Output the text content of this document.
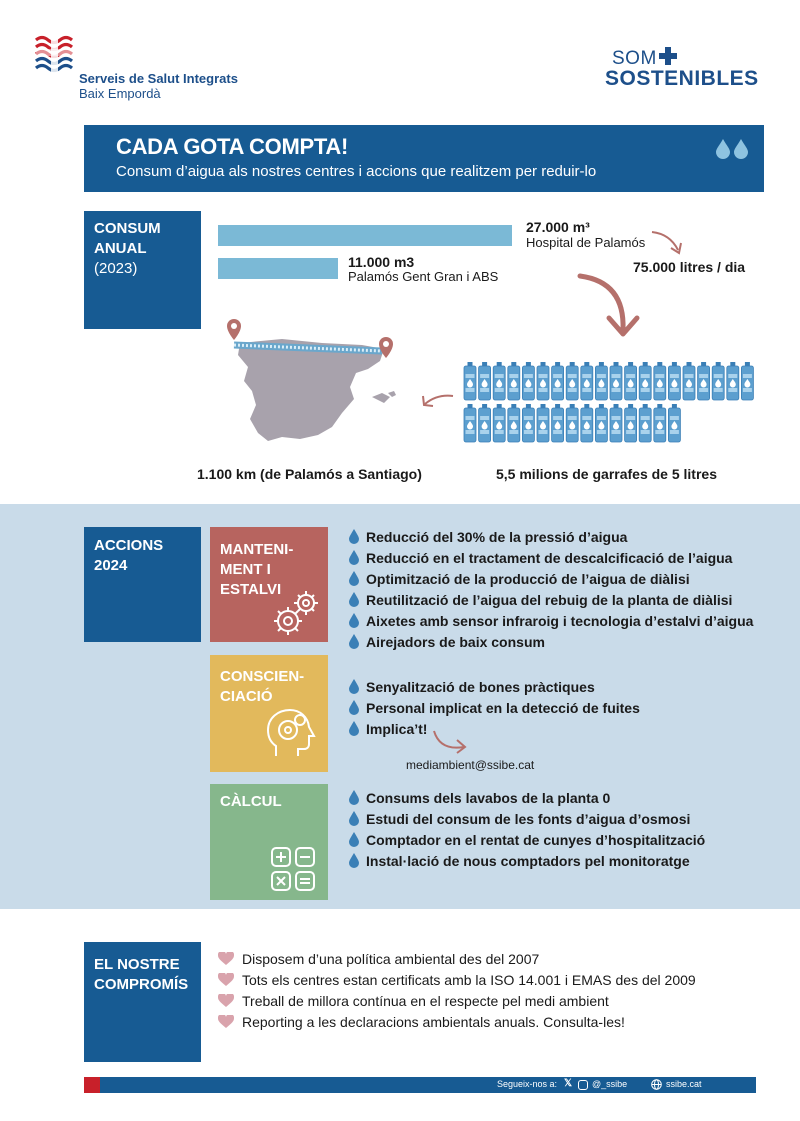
Serveis de Salut Integrats
Baix Empordà
SOM
SOSTENIBLES
CADA GOTA COMPTA!
Consum d’aigua als nostres centres i accions que realitzem per reduir-lo
CONSUM ANUAL
(2023)
27.000 m³
Hospital de Palamós
11.000 m3
Palamós Gent Gran i ABS
75.000 litres / dia
1.100 km (de Palamós a Santiago)	5,5 milions de garrafes de 5 litres
ACCIONS 2024
MANTENI-MENT I ESTALVI
CONSCIEN-CIACIÓ
CÀLCUL
Reducció del 30% de la pressió d’aigua
Reducció en el tractament de descalcificació de l’aigua
Optimització de la producció de l’aigua de diàlisi
Reutilització de l’aigua del rebuig de la planta de diàlisi
Aixetes amb sensor infraroig i tecnologia d’estalvi d’aigua
Airejadors de baix consum
Senyalització de bones pràctiques
Personal implicat en la detecció de fuites
Implica’t!
mediambient@ssibe.cat
Consums dels lavabos de la planta 0
Estudi del consum de les fonts d’aigua d’osmosi
Comptador en el rentat de cunyes d’hospitalització
Instal·lació de nous comptadors pel monitoratge
EL NOSTRE COMPROMÍS
Disposem d’una política ambiental des del 2007
Tots els centres estan certificats amb la ISO 14.001 i EMAS des del 2009
Treball de millora contínua en el respecte pel medi ambient
Reporting a les declaracions ambientals anuals. Consulta-les!
Segueix-nos a: 𝕏 @_ssibe	ssibe.cat
